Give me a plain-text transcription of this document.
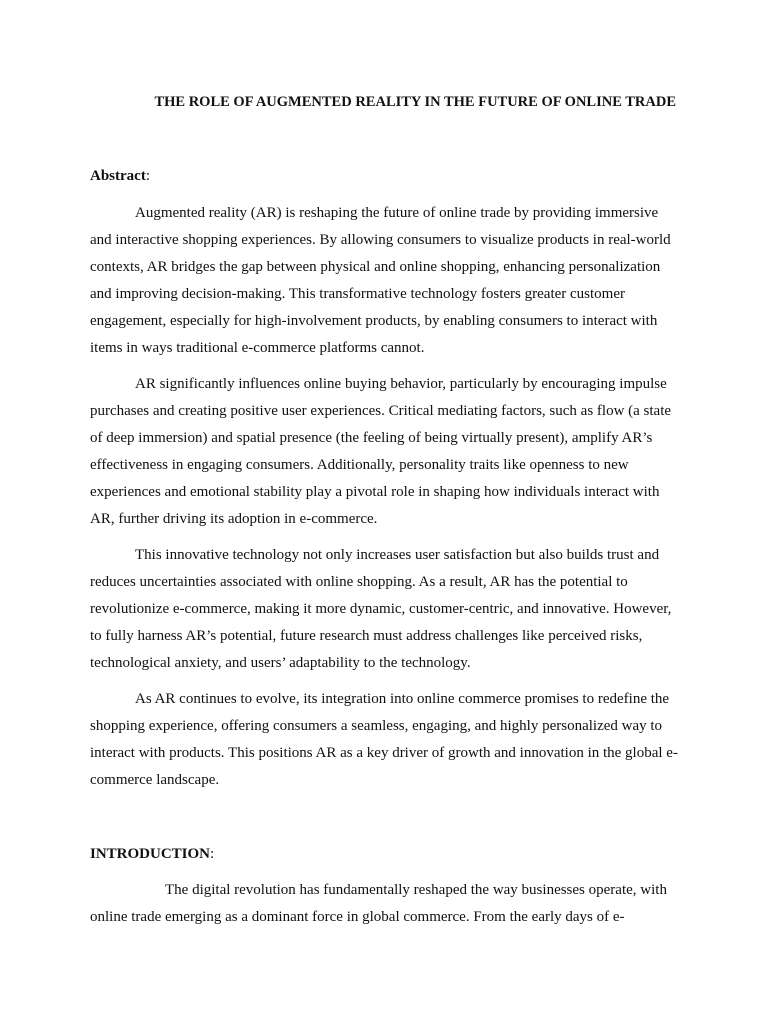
THE ROLE OF AUGMENTED REALITY IN THE FUTURE OF ONLINE TRADE

Abstract:

Augmented reality (AR) is reshaping the future of online trade by providing immersive and interactive shopping experiences. By allowing consumers to visualize products in real-world contexts, AR bridges the gap between physical and online shopping, enhancing personalization and improving decision-making. This transformative technology fosters greater customer engagement, especially for high-involvement products, by enabling consumers to interact with items in ways traditional e-commerce platforms cannot.

AR significantly influences online buying behavior, particularly by encouraging impulse purchases and creating positive user experiences. Critical mediating factors, such as flow (a state of deep immersion) and spatial presence (the feeling of being virtually present), amplify AR’s effectiveness in engaging consumers. Additionally, personality traits like openness to new experiences and emotional stability play a pivotal role in shaping how individuals interact with AR, further driving its adoption in e-commerce.

This innovative technology not only increases user satisfaction but also builds trust and reduces uncertainties associated with online shopping. As a result, AR has the potential to revolutionize e-commerce, making it more dynamic, customer-centric, and innovative. However, to fully harness AR’s potential, future research must address challenges like perceived risks, technological anxiety, and users’ adaptability to the technology.

As AR continues to evolve, its integration into online commerce promises to redefine the shopping experience, offering consumers a seamless, engaging, and highly personalized way to interact with products. This positions AR as a key driver of growth and innovation in the global e-commerce landscape.

INTRODUCTION:

The digital revolution has fundamentally reshaped the way businesses operate, with online trade emerging as a dominant force in global commerce. From the early days of e-
